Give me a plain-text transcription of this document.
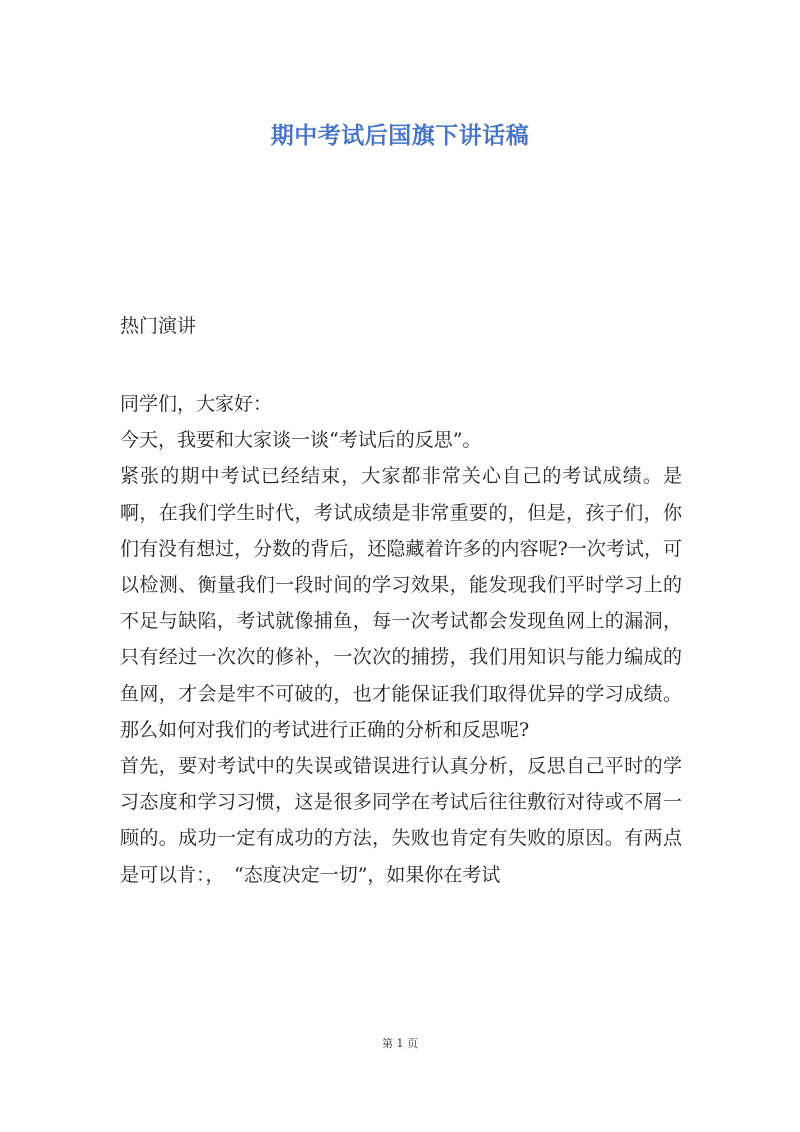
期中考试后国旗下讲话稿

热门演讲

同学们，大家好：

今天，我要和大家谈一谈“考试后的反思”。

紧张的期中考试已经结束，大家都非常关心自己的考试成绩。是啊，在我们学生时代，考试成绩是非常重要的，但是，孩子们，你们有没有想过，分数的背后，还隐藏着许多的内容呢?一次考试，可以检测、衡量我们一段时间的学习效果，能发现我们平时学习上的不足与缺陷，考试就像捕鱼，每一次考试都会发现鱼网上的漏洞，只有经过一次次的修补，一次次的捕捞，我们用知识与能力编成的鱼网，才会是牢不可破的，也才能保证我们取得优异的学习成绩。那么如何对我们的考试进行正确的分析和反思呢?

首先，要对考试中的失误或错误进行认真分析，反思自己平时的学习态度和学习习惯，这是很多同学在考试后往往敷衍对待或不屑一顾的。成功一定有成功的方法，失败也肯定有失败的原因。有两点是可以肯：，　“态度决定一切”，如果你在考试

第 1 页
